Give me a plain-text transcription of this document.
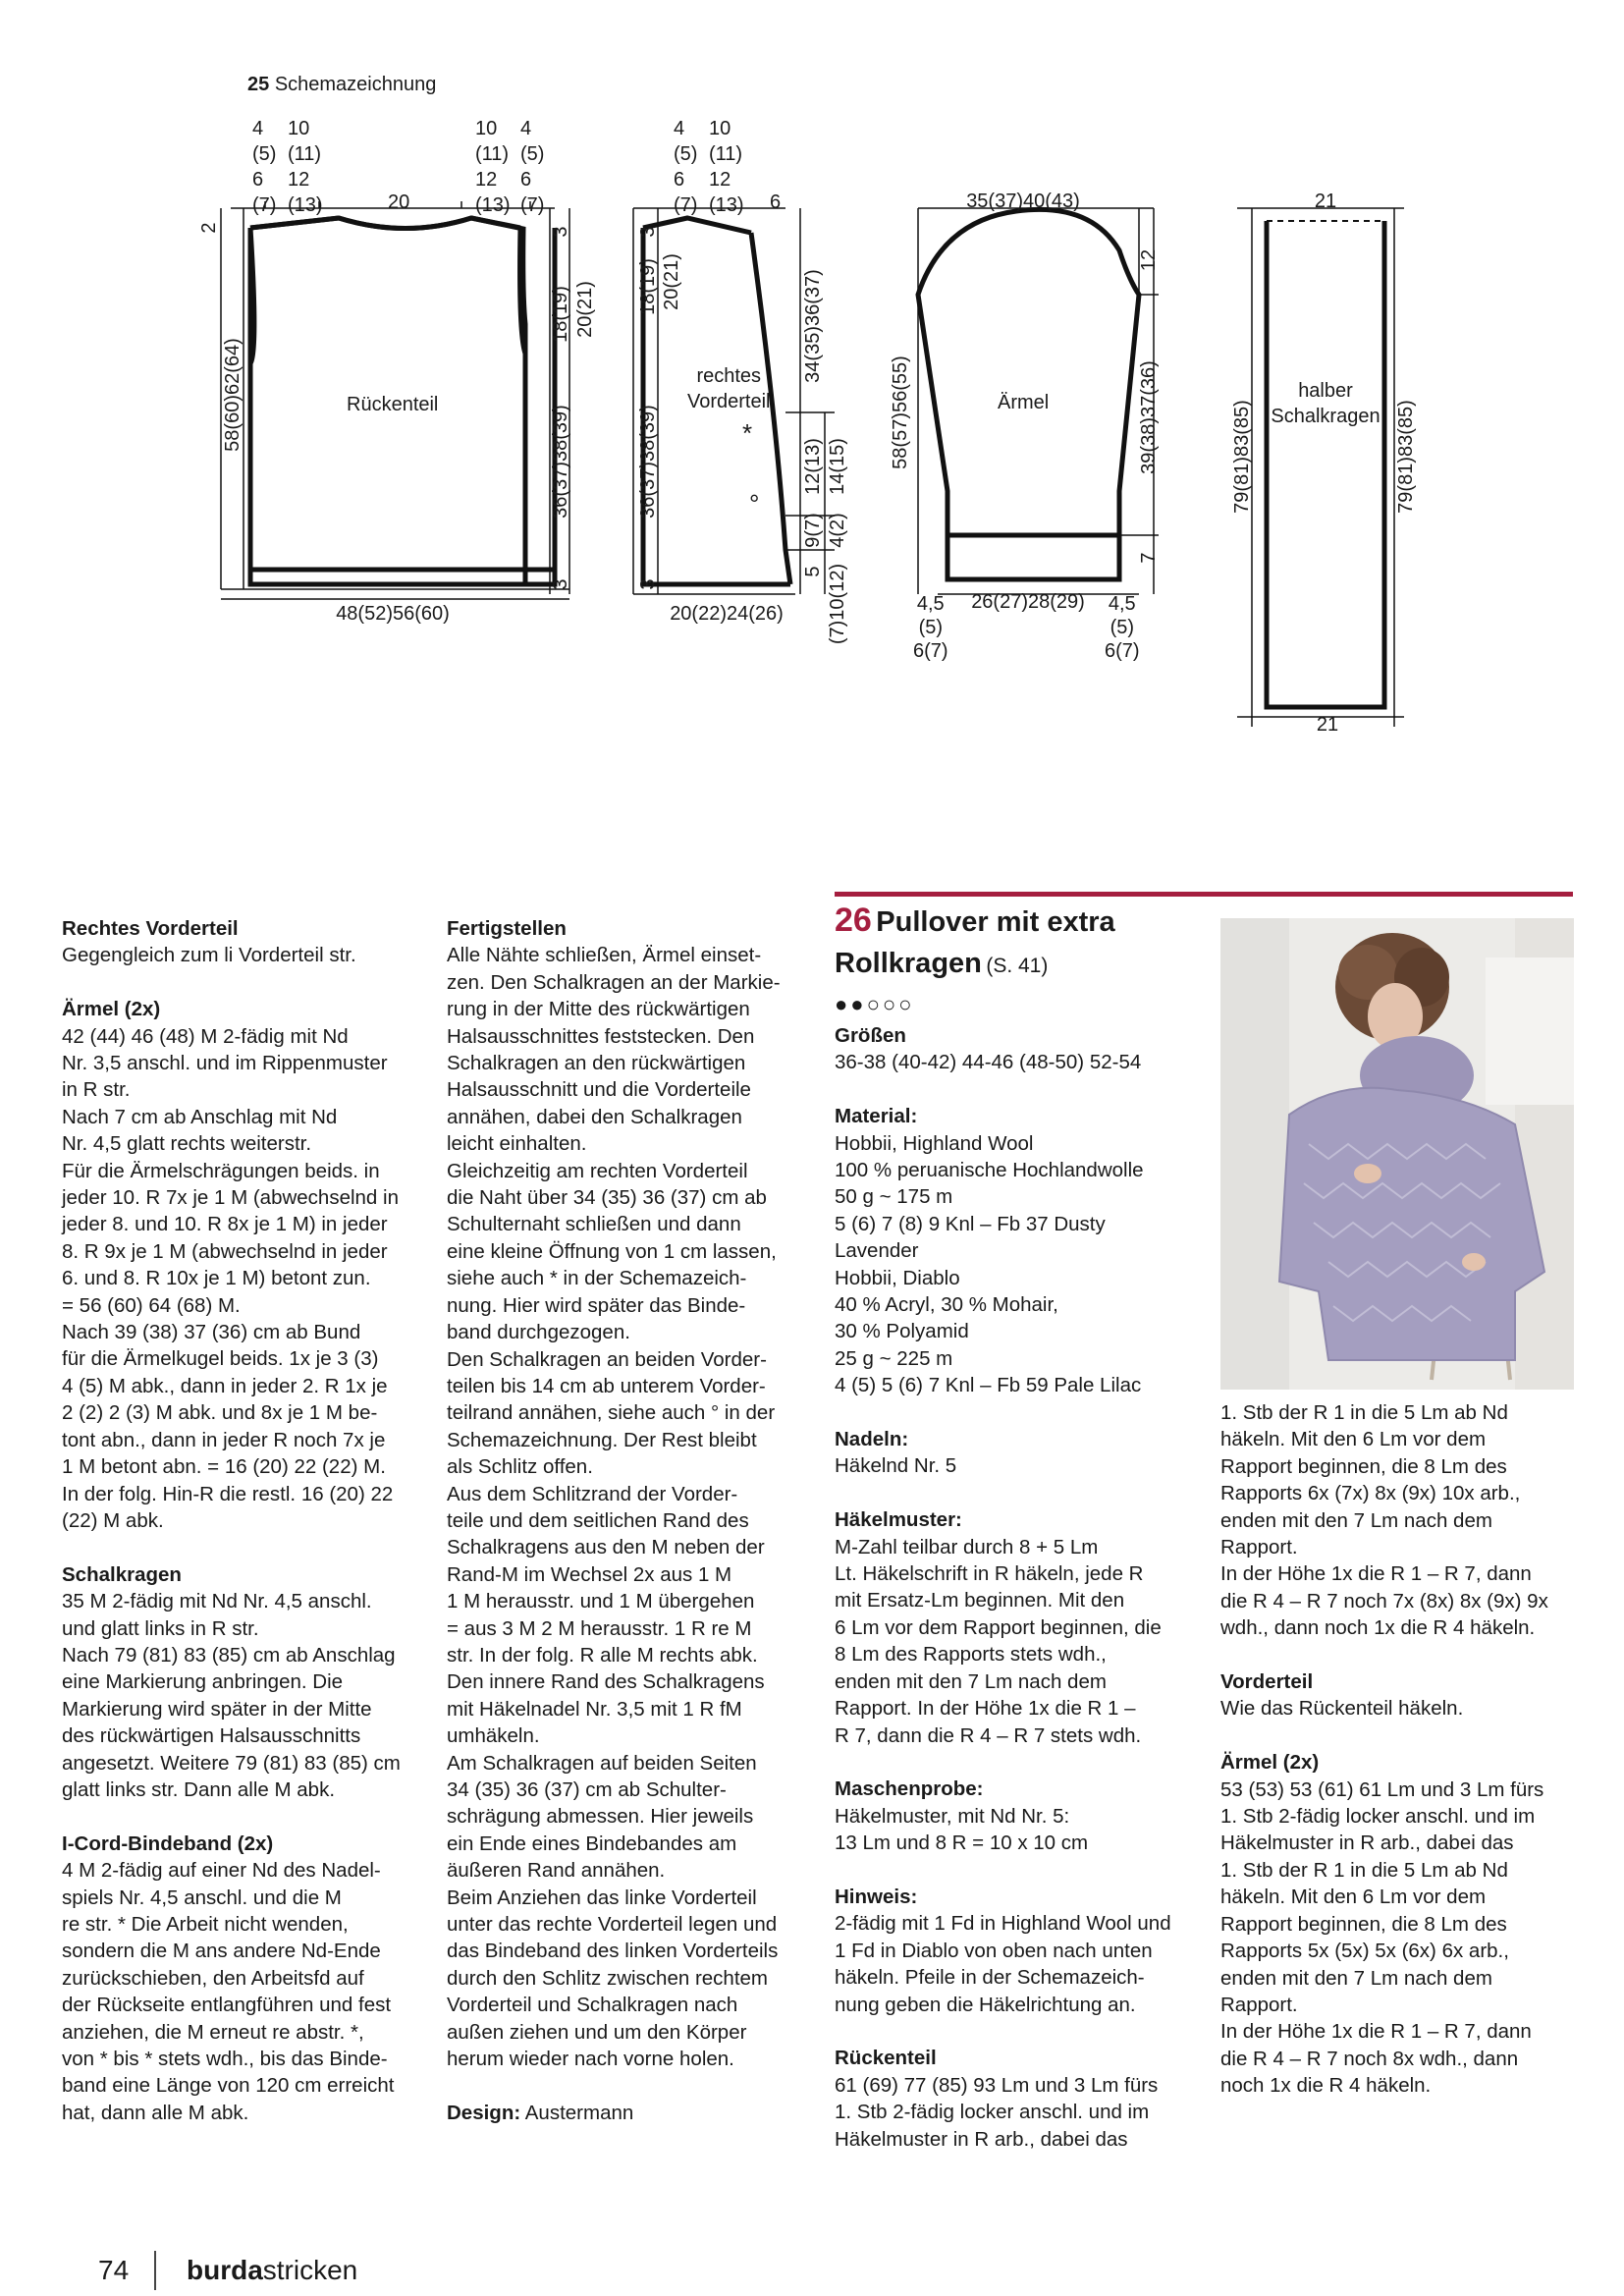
25 Schemazeichnung
4
(5)
6
(7)
10
(11)
12
(13)	20
10
(11)
12
(13)
4
(5)
6
(7)
2
58(60)62(64)	Rückenteil
3
18(19) 20(21)
36(37)38(39)
3
48(52)56(60)
4
(5)
6
(7)
10
(11)
12
(13) 6
3
18(19) 20(21)
36(37)38(39)
3
rechtes
Vorderteil
*
°
20(22)24(26)
34(35)36(37)
12(13) 14(15)
9(7) 4(2)
5 (7)10(12)
35(37)40(43)
12
58(57)56(55)	Ärmel	39(38)37(36)
7
4,5
(5)
6(7)
26(27)28(29) 4,5
(5)
6(7)
21
79(81)83(85)
halber
Schalkragen 79(81)83(85)
21

Rechtes Vorderteil
Gegengleich zum li Vorderteil str.

Ärmel (2x)
42 (44) 46 (48) M 2-fädig mit Nd
Nr. 3,5 anschl. und im Rippenmuster
in R str.
Nach 7 cm ab Anschlag mit Nd
Nr. 4,5 glatt rechts weiterstr.
Für die Ärmelschrägungen beids. in
jeder 10. R 7x je 1 M (abwechselnd in
jeder 8. und 10. R 8x je 1 M) in jeder
8. R 9x je 1 M (abwechselnd in jeder
6. und 8. R 10x je 1 M) betont zun.
= 56 (60) 64 (68) M.
Nach 39 (38) 37 (36) cm ab Bund
für die Ärmelkugel beids. 1x je 3 (3)
4 (5) M abk., dann in jeder 2. R 1x je
2 (2) 2 (3) M abk. und 8x je 1 M be-
tont abn., dann in jeder R noch 7x je
1 M betont abn. = 16 (20) 22 (22) M.
In der folg. Hin-R die restl. 16 (20) 22
(22) M abk.

Schalkragen
35 M 2-fädig mit Nd Nr. 4,5 anschl.
und glatt links in R str.
Nach 79 (81) 83 (85) cm ab Anschlag
eine Markierung anbringen. Die
Markierung wird später in der Mitte
des rückwärtigen Halsausschnitts
angesetzt. Weitere 79 (81) 83 (85) cm
glatt links str. Dann alle M abk.

I-Cord-Bindeband (2x)
4 M 2-fädig auf einer Nd des Nadel-
spiels Nr. 4,5 anschl. und die M
re str. * Die Arbeit nicht wenden,
sondern die M ans andere Nd-Ende
zurückschieben, den Arbeitsfd auf
der Rückseite entlangführen und fest
anziehen, die M erneut re abstr. *,
von * bis * stets wdh., bis das Binde-
band eine Länge von 120 cm erreicht
hat, dann alle M abk.

Fertigstellen
Alle Nähte schließen, Ärmel einset-
zen. Den Schalkragen an der Markie-
rung in der Mitte des rückwärtigen
Halsausschnittes feststecken. Den
Schalkragen an den rückwärtigen
Halsausschnitt und die Vorderteile
annähen, dabei den Schalkragen
leicht einhalten.
Gleichzeitig am rechten Vorderteil
die Naht über 34 (35) 36 (37) cm ab
Schulternaht schließen und dann
eine kleine Öffnung von 1 cm lassen,
siehe auch * in der Schemazeich-
nung. Hier wird später das Binde-
band durchgezogen.
Den Schalkragen an beiden Vorder-
teilen bis 14 cm ab unterem Vorder-
teilrand annähen, siehe auch ° in der
Schemazeichnung. Der Rest bleibt
als Schlitz offen.
Aus dem Schlitzrand der Vorder-
teile und dem seitlichen Rand des
Schalkragens aus den M neben der
Rand-M im Wechsel 2x aus 1 M
1 M herausstr. und 1 M übergehen
= aus 3 M 2 M herausstr. 1 R re M
str. In der folg. R alle M rechts abk.
Den innere Rand des Schalkragens
mit Häkelnadel Nr. 3,5 mit 1 R fM
umhäkeln.
Am Schalkragen auf beiden Seiten
34 (35) 36 (37) cm ab Schulter-
schrägung abmessen. Hier jeweils
ein Ende eines Bindebandes am
äußeren Rand annähen.
Beim Anziehen das linke Vorderteil
unter das rechte Vorderteil legen und
das Bindeband des linken Vorderteils
durch den Schlitz zwischen rechtem
Vorderteil und Schalkragen nach
außen ziehen und um den Körper
herum wieder nach vorne holen.

Design: Austermann

26 Pullover mit extra
Rollkragen (S. 41)
●●○○○

Größen
36-38 (40-42) 44-46 (48-50) 52-54

Material:
Hobbii, Highland Wool
100 % peruanische Hochlandwolle
50 g ~ 175 m
5 (6) 7 (8) 9 Knl – Fb 37 Dusty
Lavender
Hobbii, Diablo
40 % Acryl, 30 % Mohair,
30 % Polyamid
25 g ~ 225 m
4 (5) 5 (6) 7 Knl – Fb 59 Pale Lilac

Nadeln:
Häkelnd Nr. 5

Häkelmuster:
M-Zahl teilbar durch 8 + 5 Lm
Lt. Häkelschrift in R häkeln, jede R
mit Ersatz-Lm beginnen. Mit den
6 Lm vor dem Rapport beginnen, die
8 Lm des Rapports stets wdh.,
enden mit den 7 Lm nach dem
Rapport. In der Höhe 1x die R 1 –
R 7, dann die R 4 – R 7 stets wdh.

Maschenprobe:
Häkelmuster, mit Nd Nr. 5:
13 Lm und 8 R = 10 x 10 cm

Hinweis:
2-fädig mit 1 Fd in Highland Wool und
1 Fd in Diablo von oben nach unten
häkeln. Pfeile in der Schemazeich-
nung geben die Häkelrichtung an.

Rückenteil
61 (69) 77 (85) 93 Lm und 3 Lm fürs
1. Stb 2-fädig locker anschl. und im
Häkelmuster in R arb., dabei das

1. Stb der R 1 in die 5 Lm ab Nd
häkeln. Mit den 6 Lm vor dem
Rapport beginnen, die 8 Lm des
Rapports 6x (7x) 8x (9x) 10x arb.,
enden mit den 7 Lm nach dem
Rapport.
In der Höhe 1x die R 1 – R 7, dann
die R 4 – R 7 noch 7x (8x) 8x (9x) 9x
wdh., dann noch 1x die R 4 häkeln.

Vorderteil
Wie das Rückenteil häkeln.

Ärmel (2x)
53 (53) 53 (61) 61 Lm und 3 Lm fürs
1. Stb 2-fädig locker anschl. und im
Häkelmuster in R arb., dabei das
1. Stb der R 1 in die 5 Lm ab Nd
häkeln. Mit den 6 Lm vor dem
Rapport beginnen, die 8 Lm des
Rapports 5x (5x) 5x (6x) 6x arb.,
enden mit den 7 Lm nach dem
Rapport.
In der Höhe 1x die R 1 – R 7, dann
die R 4 – R 7 noch 8x wdh., dann
noch 1x die R 4 häkeln.

74 burdastricken
